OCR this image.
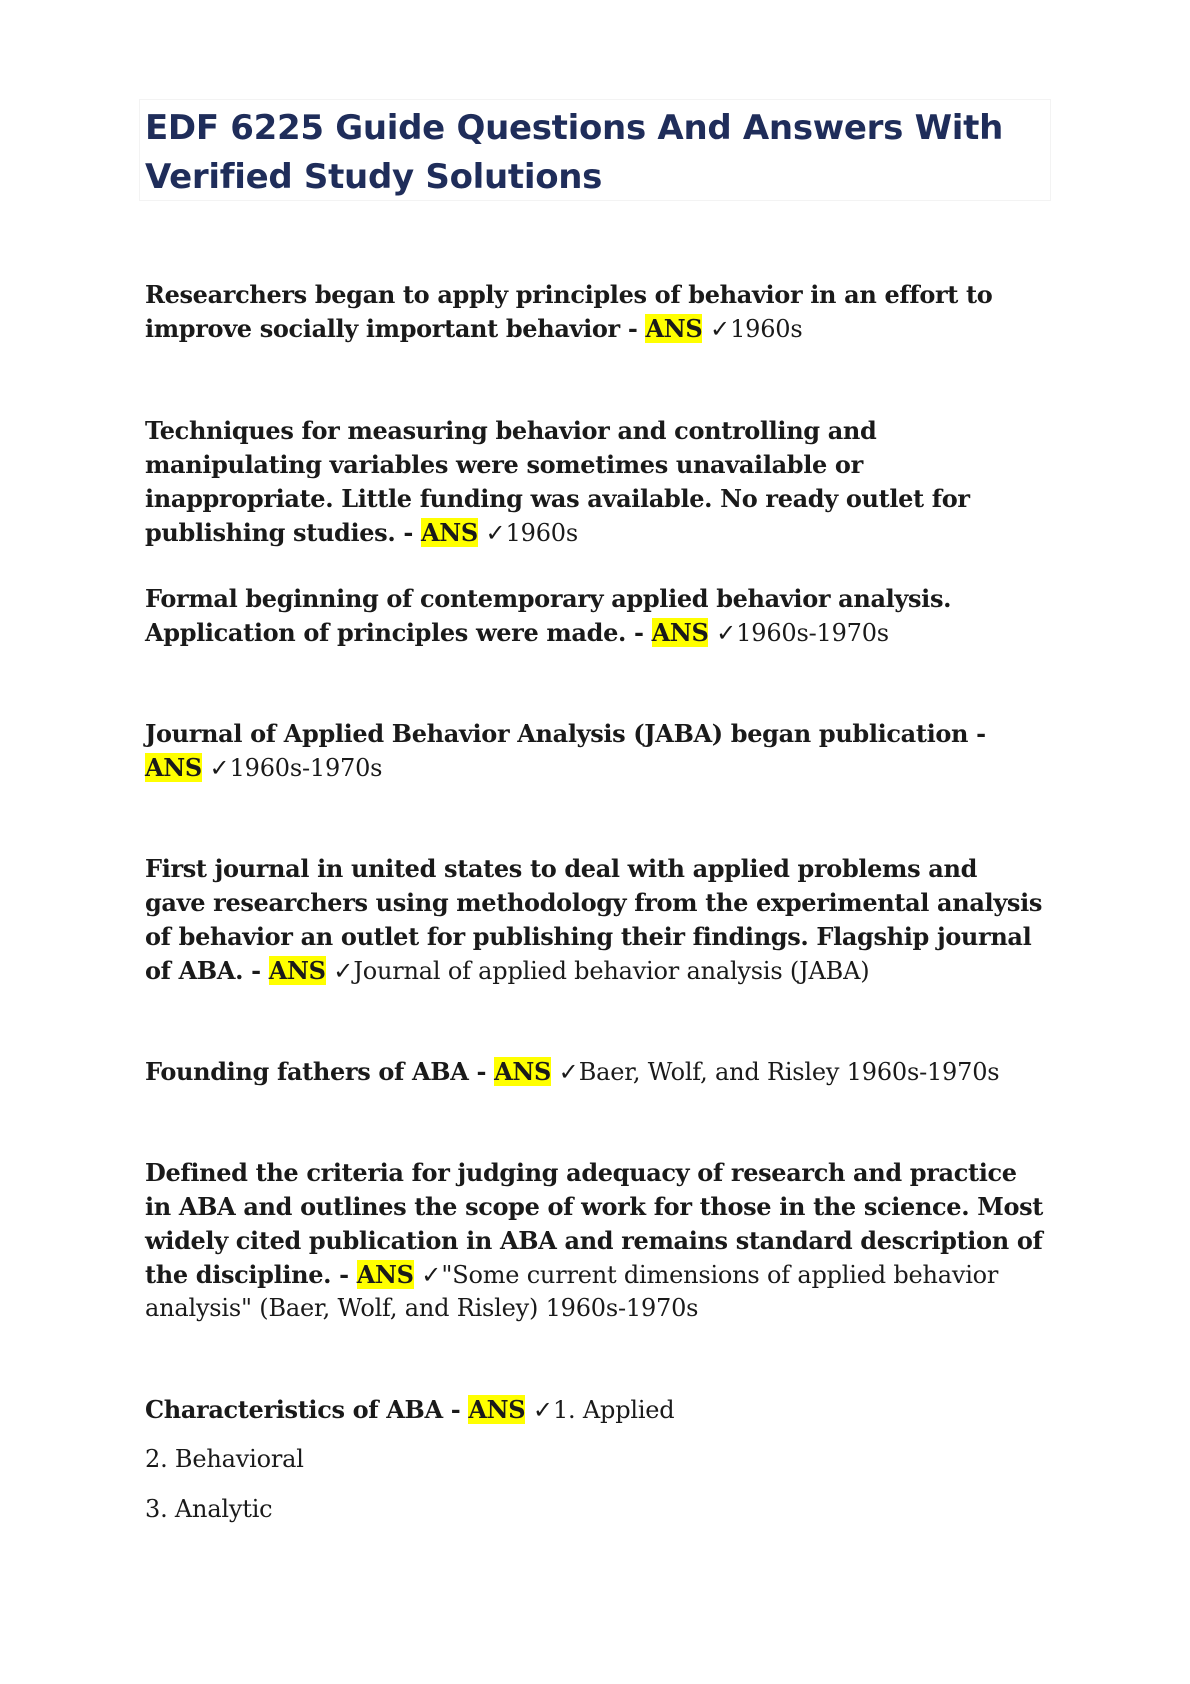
EDF 6225 Guide Questions And Answers With Verified Study Solutions

Researchers began to apply principles of behavior in an effort to improve socially important behavior - ANS ✓1960s

Techniques for measuring behavior and controlling and manipulating variables were sometimes unavailable or inappropriate. Little funding was available. No ready outlet for publishing studies. - ANS ✓1960s

Formal beginning of contemporary applied behavior analysis. Application of principles were made. - ANS ✓1960s-1970s

Journal of Applied Behavior Analysis (JABA) began publication - ANS ✓1960s-1970s

First journal in united states to deal with applied problems and gave researchers using methodology from the experimental analysis of behavior an outlet for publishing their findings. Flagship journal of ABA. - ANS ✓Journal of applied behavior analysis (JABA)

Founding fathers of ABA - ANS ✓Baer, Wolf, and Risley 1960s-1970s

Defined the criteria for judging adequacy of research and practice in ABA and outlines the scope of work for those in the science. Most widely cited publication in ABA and remains standard description of the discipline. - ANS ✓"Some current dimensions of applied behavior analysis" (Baer, Wolf, and Risley) 1960s-1970s

Characteristics of ABA - ANS ✓1. Applied

2. Behavioral

3. Analytic
